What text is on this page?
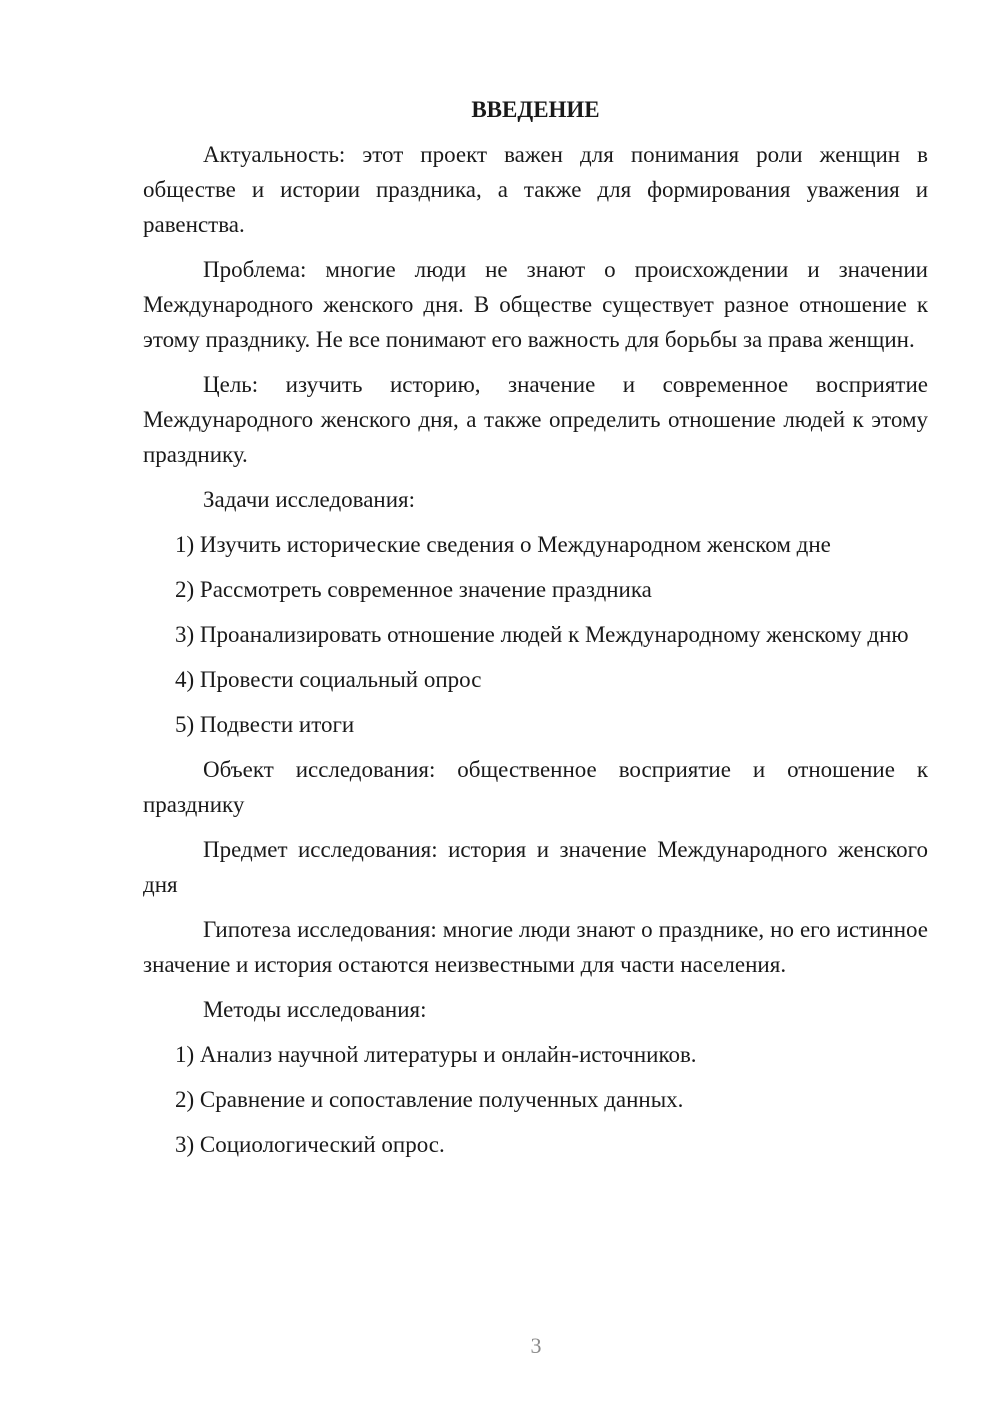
ВВЕДЕНИЕ

Актуальность: этот проект важен для понимания роли женщин в обществе и истории праздника, а также для формирования уважения и равенства.

Проблема: многие люди не знают о происхождении и значении Международного женского дня. В обществе существует разное отношение к этому празднику. Не все понимают его важность для борьбы за права женщин.

Цель: изучить историю, значение и современное восприятие Международного женского дня, а также определить отношение людей к этому празднику.

Задачи исследования:

1) Изучить исторические сведения о Международном женском дне

2) Рассмотреть современное значение праздника

3) Проанализировать отношение людей к Международному женскому дню

4) Провести социальный опрос

5) Подвести итоги

Объект исследования: общественное восприятие и отношение к празднику

Предмет исследования: история и значение Международного женского дня

Гипотеза исследования: многие люди знают о празднике, но его истинное значение и история остаются неизвестными для части населения.

Методы исследования:

1) Анализ научной литературы и онлайн-источников.

2) Сравнение и сопоставление полученных данных.

3) Социологический опрос.

3
